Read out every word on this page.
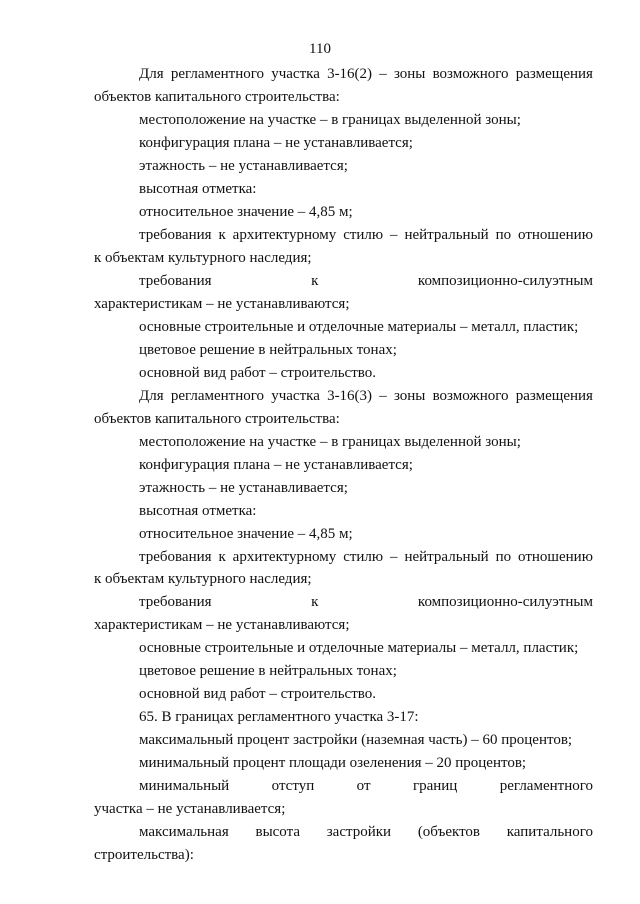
110
Для регламентного участка 3-16(2) – зоны возможного размещения
объектов капитального строительства:
местоположение на участке – в границах выделенной зоны;
конфигурация плана – не устанавливается;
этажность – не устанавливается;
высотная отметка:
относительное значение – 4,85 м;
требования к архитектурному стилю – нейтральный по отношению
к объектам культурного наследия;
требования	к	композиционно-силуэтным
характеристикам – не устанавливаются;
основные строительные и отделочные материалы – металл, пластик;
цветовое решение в нейтральных тонах;
основной вид работ – строительство.
Для регламентного участка 3-16(3) – зоны возможного размещения
объектов капитального строительства:
местоположение на участке – в границах выделенной зоны;
конфигурация плана – не устанавливается;
этажность – не устанавливается;
высотная отметка:
относительное значение – 4,85 м;
требования к архитектурному стилю – нейтральный по отношению
к объектам культурного наследия;
требования	к	композиционно-силуэтным
характеристикам – не устанавливаются;
основные строительные и отделочные материалы – металл, пластик;
цветовое решение в нейтральных тонах;
основной вид работ – строительство.
65. В границах регламентного участка 3-17:
максимальный процент застройки (наземная часть) – 60 процентов;
минимальный процент площади озеленения – 20 процентов;
минимальный	отступ	от	границ	регламентного
участка – не устанавливается;
максимальная высота застройки (объектов капитального
строительства):
